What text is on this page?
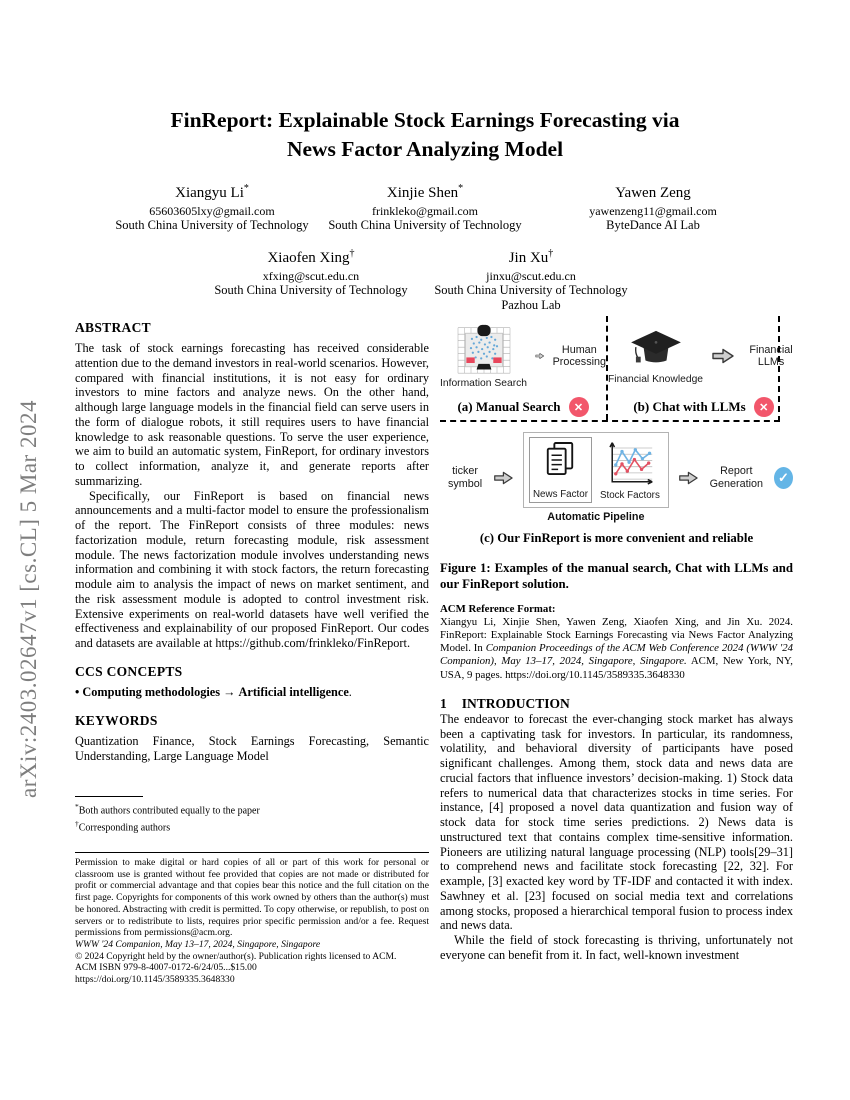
arXiv:2403.02647v1 [cs.CL] 5 Mar 2024
FinReport: Explainable Stock Earnings Forecasting via
News Factor Analyzing Model
Xiangyu Li*
65603605lxy@gmail.com
South China University of Technology
Xinjie Shen*
frinkleko@gmail.com
South China University of Technology
Yawen Zeng
yawenzeng11@gmail.com
ByteDance AI Lab
Xiaofen Xing†
xfxing@scut.edu.cn
South China University of Technology
Jin Xu†
jinxu@scut.edu.cn
South China University of Technology
Pazhou Lab
ABSTRACT

The task of stock earnings forecasting has received considerable attention due to the demand investors in real-world scenarios. However, compared with financial institutions, it is not easy for ordinary investors to mine factors and analyze news. On the other hand, although large language models in the financial field can serve users in the form of dialogue robots, it still requires users to have financial knowledge to ask reasonable questions. To serve the user experience, we aim to build an automatic system, FinReport, for ordinary investors to collect information, analyze it, and generate reports after summarizing.

Specifically, our FinReport is based on financial news announcements and a multi-factor model to ensure the professionalism of the report. The FinReport consists of three modules: news factorization module, return forecasting module, risk assessment module. The news factorization module involves understanding news information and combining it with stock factors, the return forecasting module aim to analysis the impact of news on market sentiment, and the risk assessment module is adopted to control investment risk. Extensive experiments on real-world datasets have well verified the effectiveness and explainability of our proposed FinReport. Our codes and datasets are available at https://github.com/frinkleko/FinReport.

CCS CONCEPTS
• Computing methodologies → Artificial intelligence.
KEYWORDS
Quantization Finance, Stock Earnings Forecasting, Semantic Understanding, Large Language Model
*Both authors contributed equally to the paper
†Corresponding authors
Permission to make digital or hard copies of all or part of this work for personal or classroom use is granted without fee provided that copies are not made or distributed for profit or commercial advantage and that copies bear this notice and the full citation on the first page. Copyrights for components of this work owned by others than the author(s) must be honored. Abstracting with credit is permitted. To copy otherwise, or republish, to post on servers or to redistribute to lists, requires prior specific permission and/or a fee. Request permissions from permissions@acm.org.
WWW '24 Companion, May 13–17, 2024, Singapore, Singapore
© 2024 Copyright held by the owner/author(s). Publication rights licensed to ACM.
ACM ISBN 979-8-4007-0172-6/24/05...$15.00
https://doi.org/10.1145/3589335.3648330
Information Search
Human Processing
(a) Manual Search	✕
Financial Knowledge
Financial LLMs
(b) Chat with LLMs	✕
ticker symbol
News Factor Stock Factors
Automatic Pipeline
Report Generation	✓
(c) Our FinReport is more convenient and reliable
Figure 1: Examples of the manual search, Chat with LLMs and our FinReport solution.
ACM Reference Format:
Xiangyu Li, Xinjie Shen, Yawen Zeng, Xiaofen Xing, and Jin Xu. 2024. FinReport: Explainable Stock Earnings Forecasting via News Factor Analyzing Model. In Companion Proceedings of the ACM Web Conference 2024 (WWW '24 Companion), May 13–17, 2024, Singapore, Singapore. ACM, New York, NY, USA, 9 pages. https://doi.org/10.1145/3589335.3648330
1 INTRODUCTION

The endeavor to forecast the ever-changing stock market has always been a captivating task for investors. In particular, its randomness, volatility, and behavioral diversity of participants have posed significant challenges. Among them, stock data and news data are crucial factors that influence investors’ decision-making. 1) Stock data refers to numerical data that characterizes stocks in time series. For instance, [4] proposed a novel data quantization and fusion way of stock data for stock time series predictions. 2) News data is unstructured text that contains complex time-sensitive information. Pioneers are utilizing natural language processing (NLP) tools[29–31] to comprehend news and facilitate stock forecasting [22, 32]. For example, [3] exacted key word by TF-IDF and contacted it with index. Sawhney et al. [23] focused on social media text and correlations among stocks, proposed a hierarchical temporal fusion to process index and news data.

While the field of stock forecasting is thriving, unfortunately not everyone can benefit from it. In fact, well-known investment
